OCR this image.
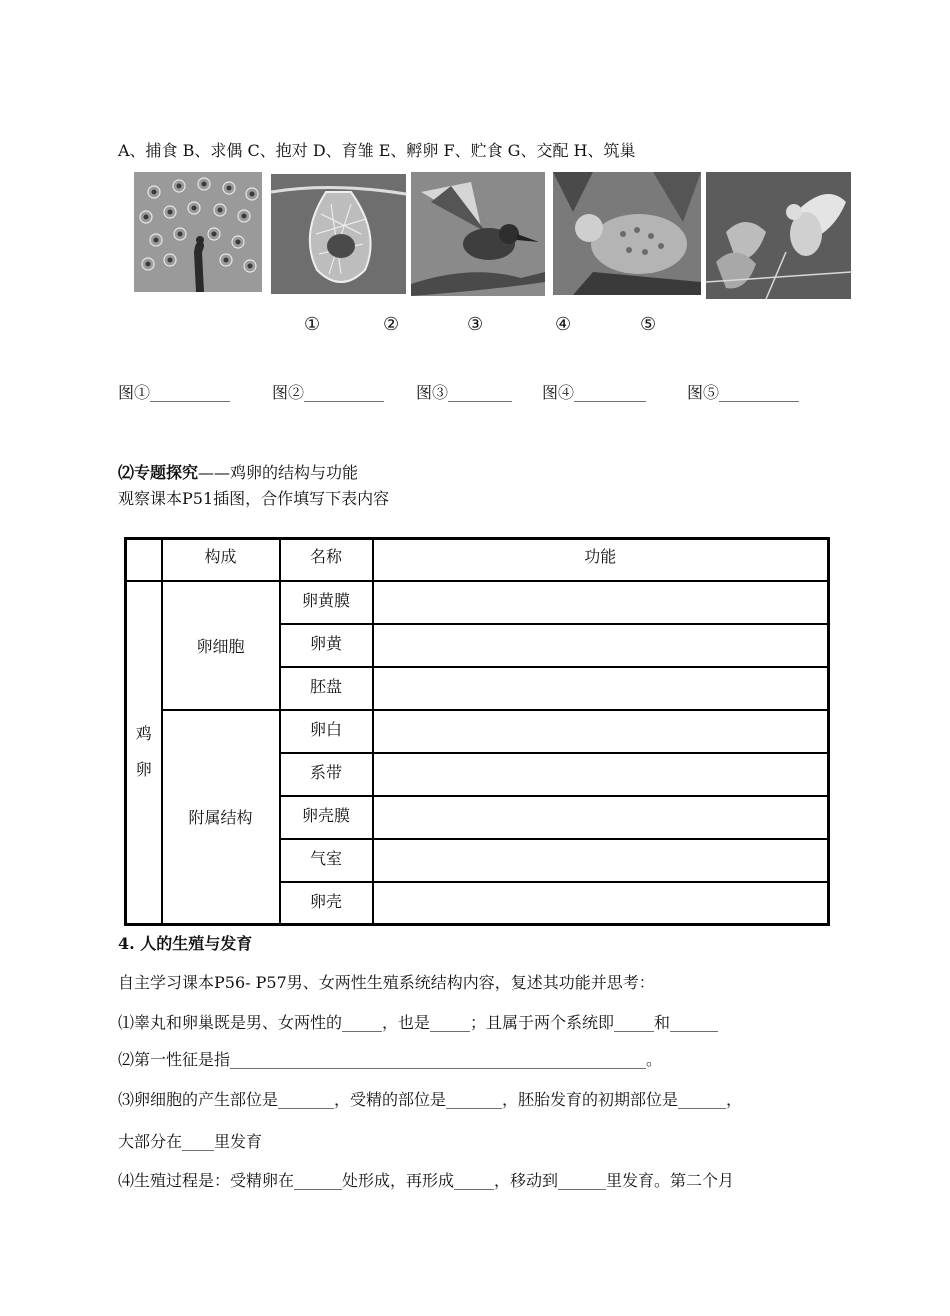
A、捕食 B、求偶 C、抱对 D、育雏 E、孵卵 F、贮食 G、交配 H、筑巢
①	②	③	④	⑤
图①__________	图②__________ 图③________ 图④_________	图⑤__________
⑵专题探究——鸡卵的结构与功能
观察课本P51插图，合作填写下表内容
	构成	名称	功能
鸡
卵	卵细胞	卵黄膜	
		卵黄	
		胚盘	
	附属结构	卵白	
		系带	
		卵壳膜	
		气室	
		卵壳	
4. 人的生殖与发育
自主学习课本P56- P57男、女两性生殖系统结构内容，复述其功能并思考：
⑴睾丸和卵巢既是男、女两性的_____，也是_____；且属于两个系统即_____和______
⑵第一性征是指____________________________________________________。
⑶卵细胞的产生部位是_______，受精的部位是_______，胚胎发育的初期部位是______，
大部分在____里发育
⑷生殖过程是：受精卵在______处形成，再形成_____，移动到______里发育。第二个月
